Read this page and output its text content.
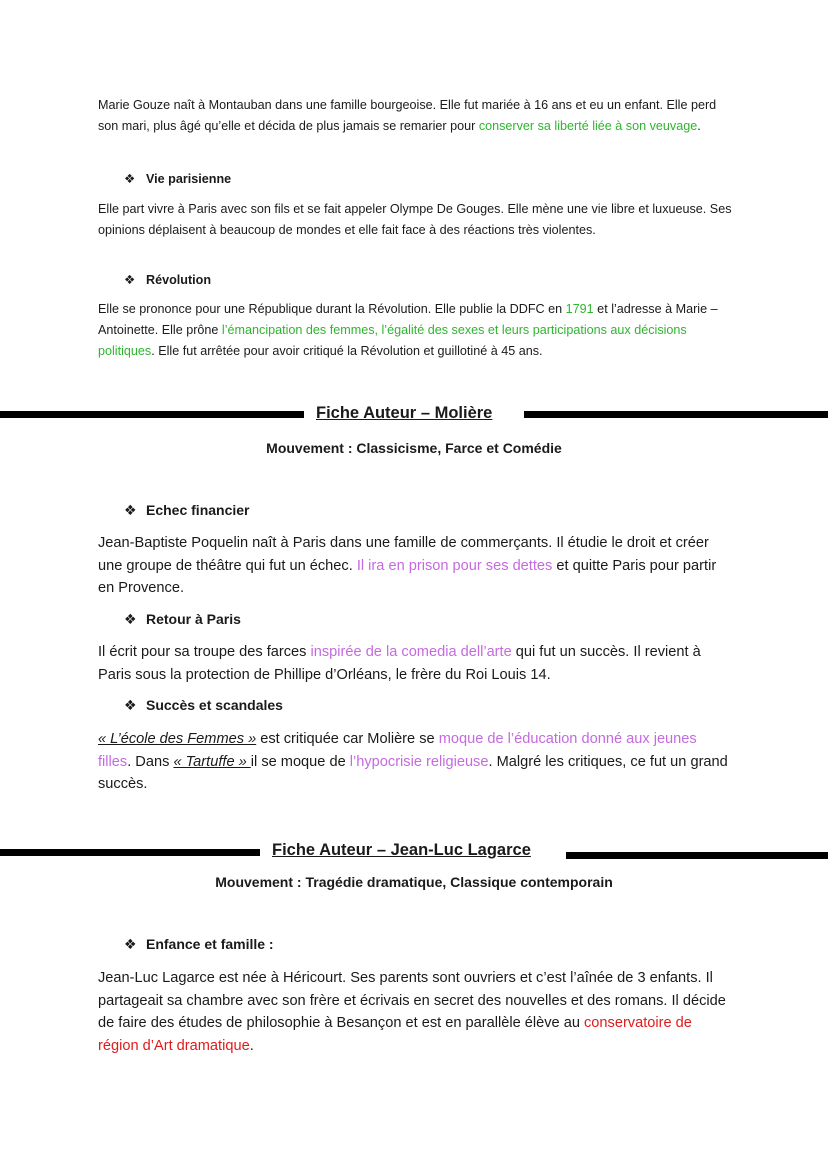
Marie Gouze naît à Montauban dans une famille bourgeoise. Elle fut mariée à 16 ans et eu un enfant. Elle perd son mari, plus âgé qu’elle et décida de plus jamais se remarier pour conserver sa liberté liée à son veuvage.

❖ Vie parisienne

Elle part vivre à Paris avec son fils et se fait appeler Olympe De Gouges. Elle mène une vie libre et luxueuse. Ses opinions déplaisent à beaucoup de mondes et elle fait face à des réactions très violentes.

❖ Révolution

Elle se prononce pour une République durant la Révolution. Elle publie la DDFC en 1791 et l’adresse à Marie – Antoinette. Elle prône l’émancipation des femmes, l’égalité des sexes et leurs participations aux décisions politiques. Elle fut arrêtée pour avoir critiqué la Révolution et guillotiné à 45 ans.

Fiche Auteur – Molière

Mouvement : Classicisme, Farce et Comédie

❖ Echec financier

Jean-Baptiste Poquelin naît à Paris dans une famille de commerçants. Il étudie le droit et créer une groupe de théâtre qui fut un échec. Il ira en prison pour ses dettes et quitte Paris pour partir en Provence.

❖ Retour à Paris

Il écrit pour sa troupe des farces inspirée de la comedia dell’arte qui fut un succès. Il revient à Paris sous la protection de Phillipe d’Orléans, le frère du Roi Louis 14.

❖ Succès et scandales

« L’école des Femmes » est critiquée car Molière se moque de l’éducation donné aux jeunes filles. Dans « Tartuffe » il se moque de l’hypocrisie religieuse. Malgré les critiques, ce fut un grand succès.

Fiche Auteur – Jean-Luc Lagarce

Mouvement : Tragédie dramatique, Classique contemporain

❖ Enfance et famille :

Jean-Luc Lagarce est née à Héricourt. Ses parents sont ouvriers et c’est l’aînée de 3 enfants. Il partageait sa chambre avec son frère et écrivais en secret des nouvelles et des romans. Il décide de faire des études de philosophie à Besançon et est en parallèle élève au conservatoire de région d’Art dramatique.
